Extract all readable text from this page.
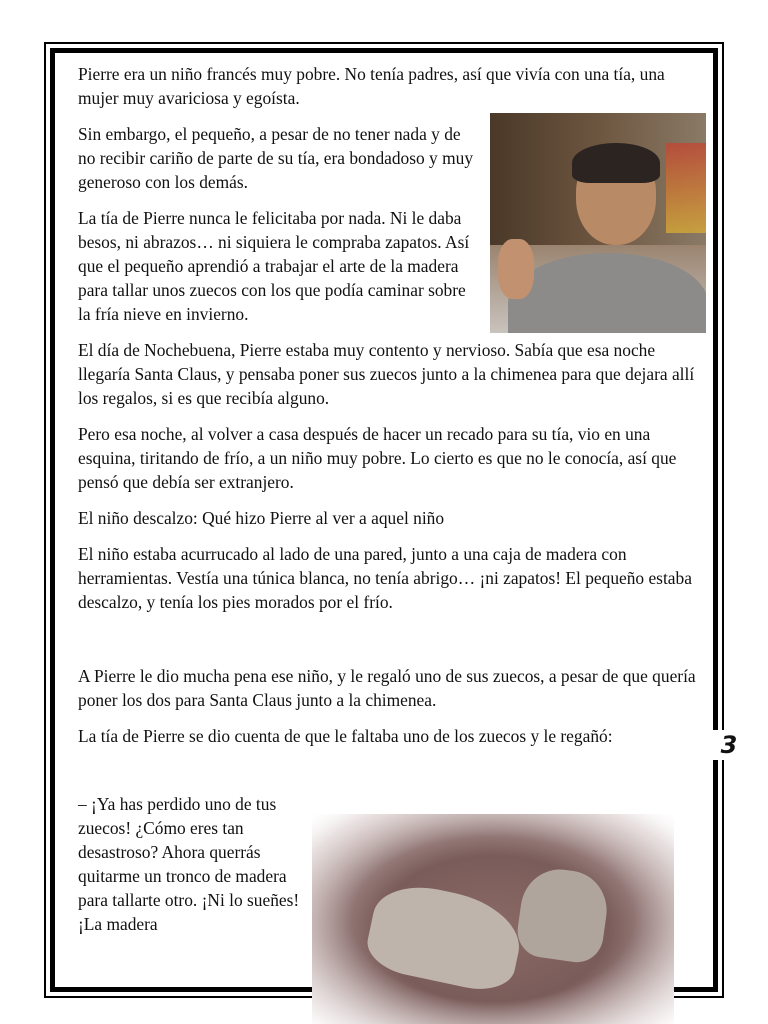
Pierre era un niño francés muy pobre. No tenía padres, así que vivía con una tía, una mujer muy avariciosa y egoísta.

Sin embargo, el pequeño, a pesar de no tener nada y de no recibir cariño de parte de su tía, era bondadoso y muy generoso con los demás.

La tía de Pierre nunca le felicitaba por nada. Ni le daba besos, ni abrazos… ni siquiera le compraba zapatos. Así que el pequeño aprendió a trabajar el arte de la madera para tallar unos zuecos con los que podía caminar sobre la fría nieve en invierno.

El día de Nochebuena, Pierre estaba muy contento y nervioso. Sabía que esa noche llegaría Santa Claus, y pensaba poner sus zuecos junto a la chimenea para que dejara allí los regalos, si es que recibía alguno.

Pero esa noche, al volver a casa después de hacer un recado para su tía, vio en una esquina, tiritando de frío, a un niño muy pobre. Lo cierto es que no le conocía, así que pensó que debía ser extranjero.

El niño descalzo: Qué hizo Pierre al ver a aquel niño

El niño estaba acurrucado al lado de una pared, junto a una caja de madera con herramientas. Vestía una túnica blanca, no tenía abrigo… ¡ni zapatos! El pequeño estaba descalzo, y tenía los pies morados por el frío.

A Pierre le dio mucha pena ese niño, y le regaló uno de sus zuecos, a pesar de que quería poner los dos para Santa Claus junto a la chimenea.

La tía de Pierre se dio cuenta de que le faltaba uno de los zuecos y le regañó:

– ¡Ya has perdido uno de tus zuecos! ¿Cómo eres tan desastroso? Ahora querrás quitarme un tronco de madera para tallarte otro. ¡Ni lo sueñes! ¡La madera
3
